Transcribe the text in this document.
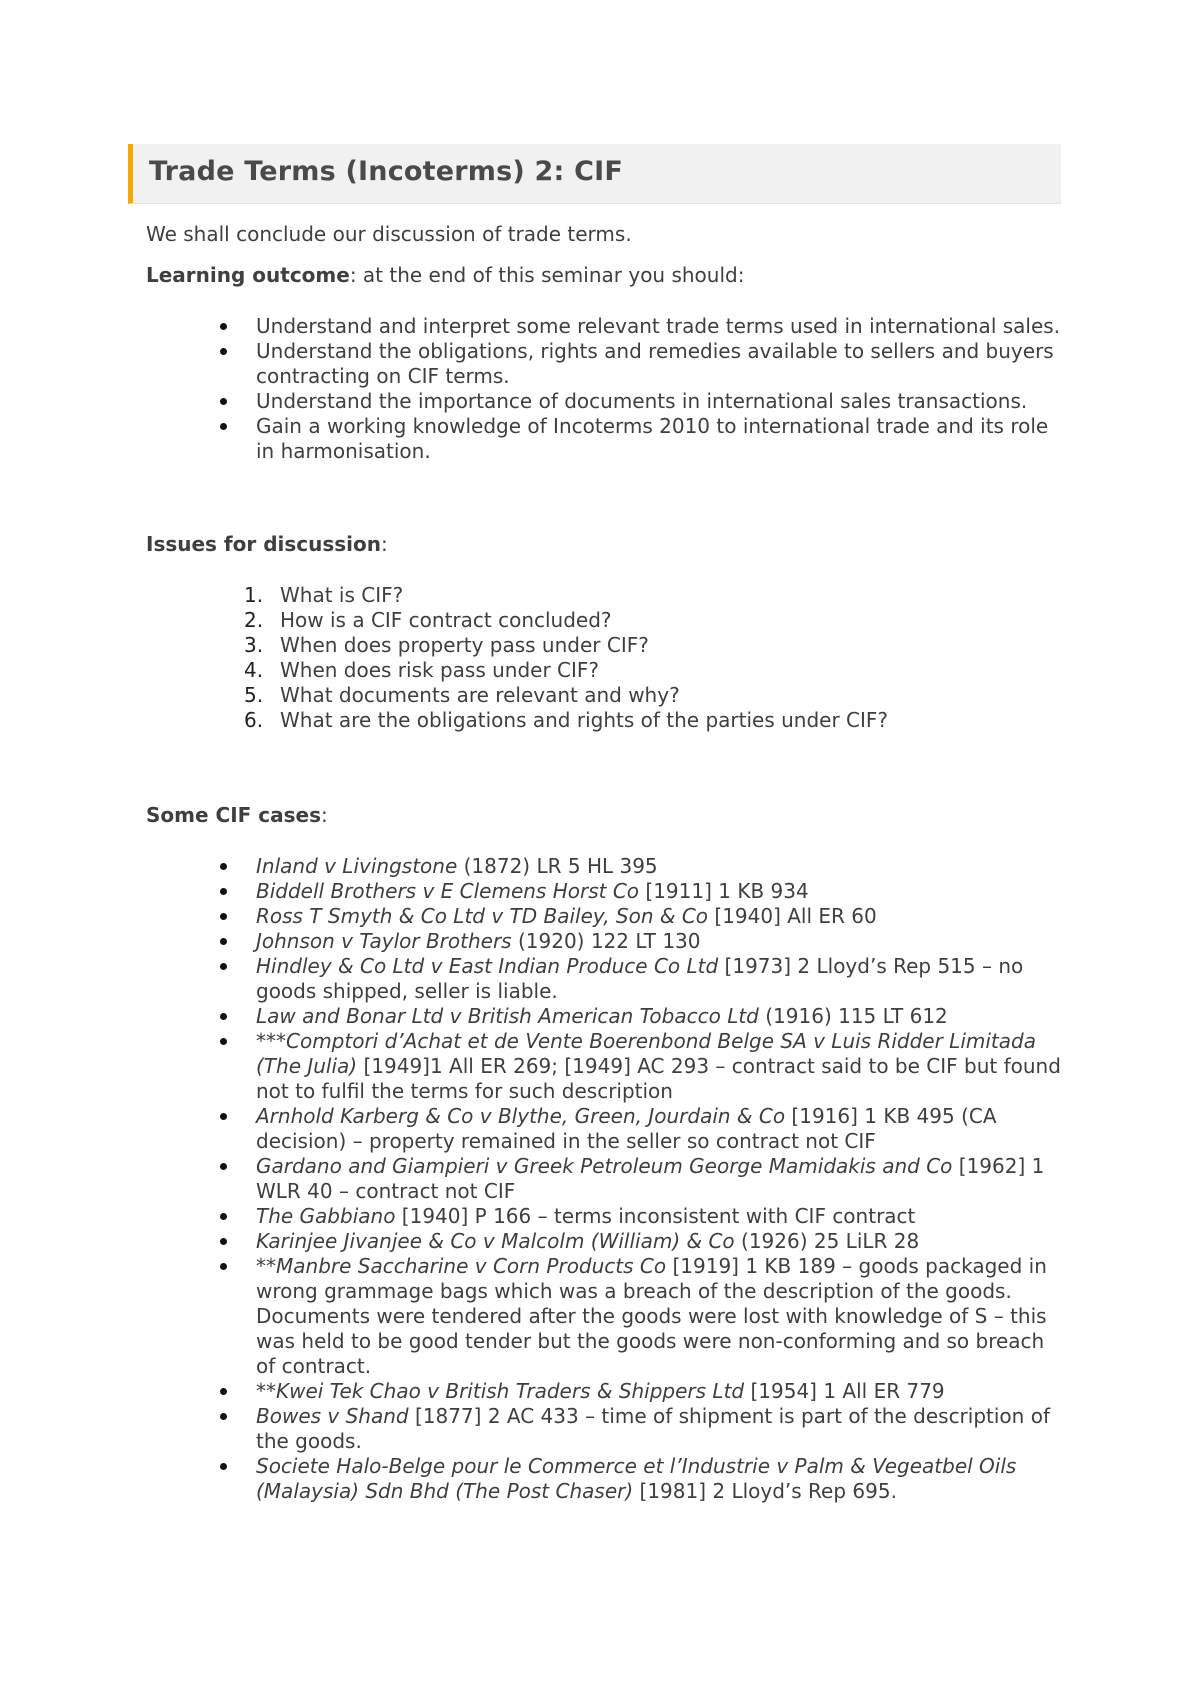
Trade Terms (Incoterms) 2: CIF

We shall conclude our discussion of trade terms.

Learning outcome: at the end of this seminar you should:

Understand and interpret some relevant trade terms used in international sales.
Understand the obligations, rights and remedies available to sellers and buyers contracting on CIF terms.
Understand the importance of documents in international sales transactions.
Gain a working knowledge of Incoterms 2010 to international trade and its role in harmonisation.

Issues for discussion:

1. What is CIF?
2. How is a CIF contract concluded?
3. When does property pass under CIF?
4. When does risk pass under CIF?
5. What documents are relevant and why?
6. What are the obligations and rights of the parties under CIF?

Some CIF cases:

Inland v Livingstone (1872) LR 5 HL 395
Biddell Brothers v E Clemens Horst Co [1911] 1 KB 934
Ross T Smyth & Co Ltd v TD Bailey, Son & Co [1940] All ER 60
Johnson v Taylor Brothers (1920) 122 LT 130
Hindley & Co Ltd v East Indian Produce Co Ltd [1973] 2 Lloyd’s Rep 515 – no goods shipped, seller is liable.
Law and Bonar Ltd v British American Tobacco Ltd (1916) 115 LT 612
***Comptori d’Achat et de Vente Boerenbond Belge SA v Luis Ridder Limitada (The Julia) [1949]1 All ER 269; [1949] AC 293 – contract said to be CIF but found not to fulfil the terms for such description
Arnhold Karberg & Co v Blythe, Green, Jourdain & Co [1916] 1 KB 495 (CA decision) – property remained in the seller so contract not CIF
Gardano and Giampieri v Greek Petroleum George Mamidakis and Co [1962] 1 WLR 40 – contract not CIF
The Gabbiano [1940] P 166 – terms inconsistent with CIF contract
Karinjee Jivanjee & Co v Malcolm (William) & Co (1926) 25 LiLR 28
**Manbre Saccharine v Corn Products Co [1919] 1 KB 189 – goods packaged in wrong grammage bags which was a breach of the description of the goods. Documents were tendered after the goods were lost with knowledge of S – this was held to be good tender but the goods were non-conforming and so breach of contract.
**Kwei Tek Chao v British Traders & Shippers Ltd [1954] 1 All ER 779
Bowes v Shand [1877] 2 AC 433 – time of shipment is part of the description of the goods.
Societe Halo-Belge pour le Commerce et l’Industrie v Palm & Vegeatbel Oils (Malaysia) Sdn Bhd (The Post Chaser) [1981] 2 Lloyd’s Rep 695.
